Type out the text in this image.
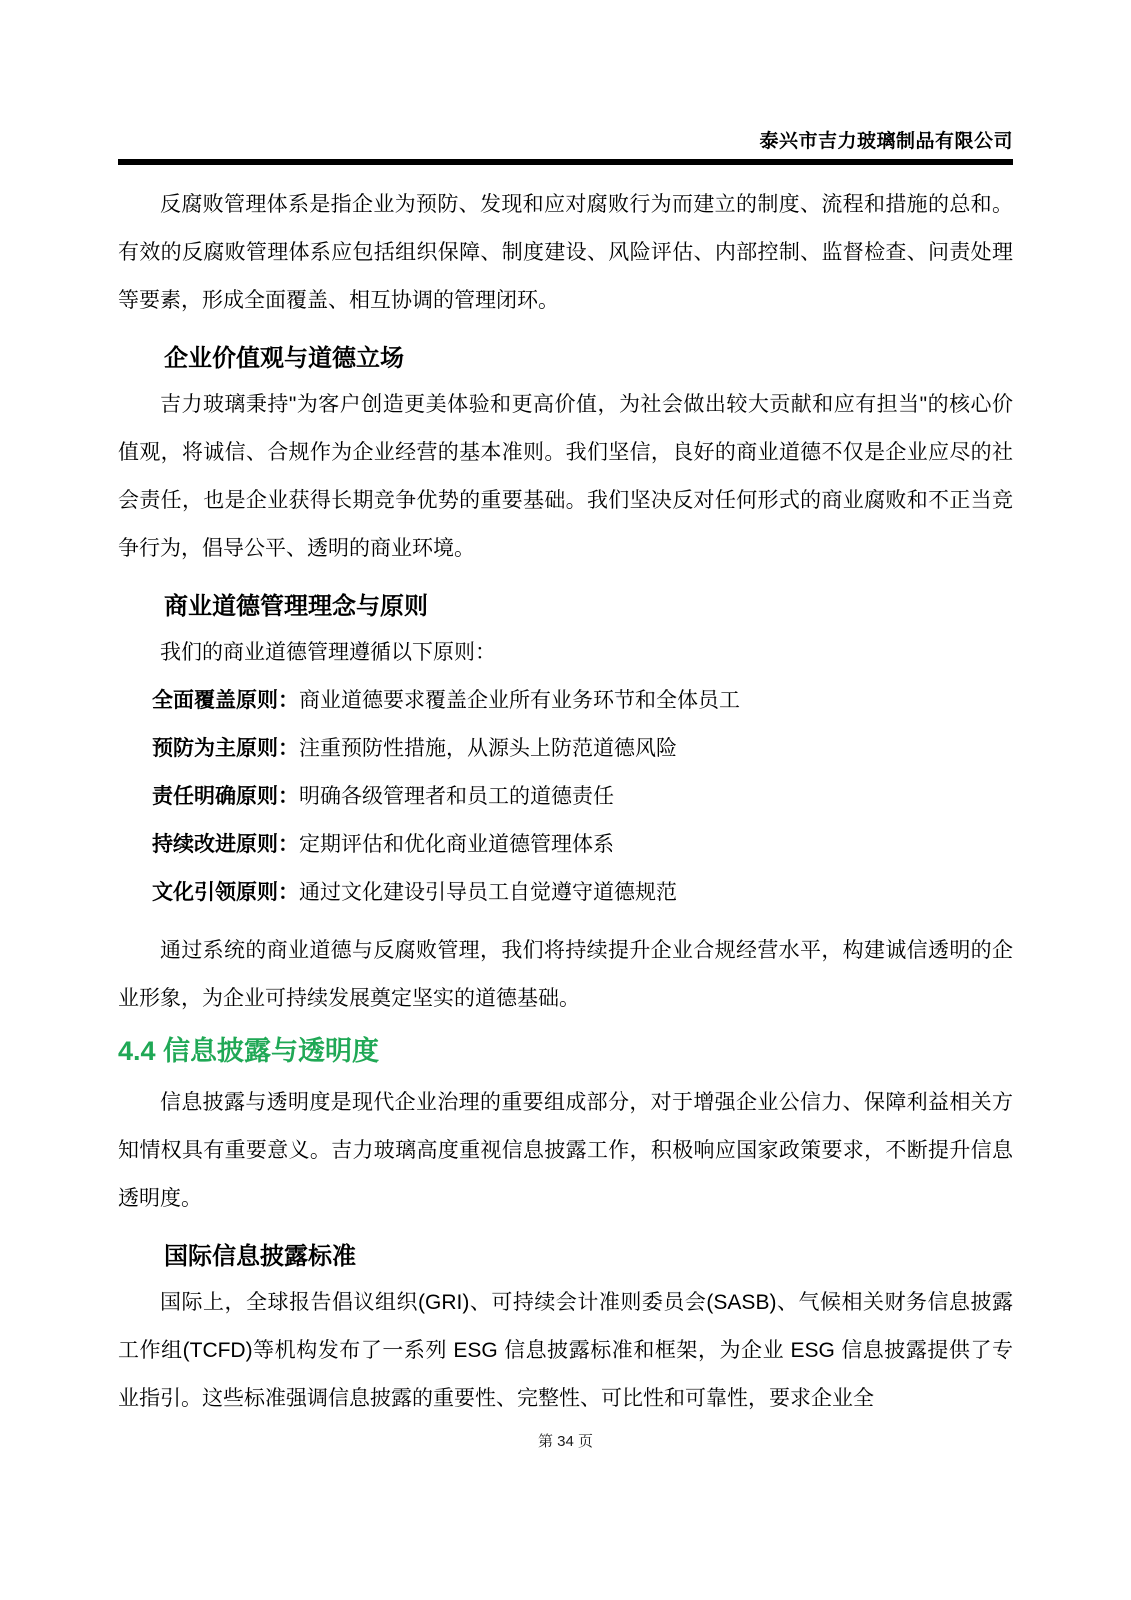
泰兴市吉力玻璃制品有限公司

反腐败管理体系是指企业为预防、发现和应对腐败行为而建立的制度、流程和措施的总和。有效的反腐败管理体系应包括组织保障、制度建设、风险评估、内部控制、监督检查、问责处理等要素，形成全面覆盖、相互协调的管理闭环。

企业价值观与道德立场

吉力玻璃秉持"为客户创造更美体验和更高价值，为社会做出较大贡献和应有担当"的核心价值观，将诚信、合规作为企业经营的基本准则。我们坚信，良好的商业道德不仅是企业应尽的社会责任，也是企业获得长期竞争优势的重要基础。我们坚决反对任何形式的商业腐败和不正当竞争行为，倡导公平、透明的商业环境。

商业道德管理理念与原则

我们的商业道德管理遵循以下原则：

全面覆盖原则：商业道德要求覆盖企业所有业务环节和全体员工

预防为主原则：注重预防性措施，从源头上防范道德风险

责任明确原则：明确各级管理者和员工的道德责任

持续改进原则：定期评估和优化商业道德管理体系

文化引领原则：通过文化建设引导员工自觉遵守道德规范

通过系统的商业道德与反腐败管理，我们将持续提升企业合规经营水平，构建诚信透明的企业形象，为企业可持续发展奠定坚实的道德基础。

4.4 信息披露与透明度

信息披露与透明度是现代企业治理的重要组成部分，对于增强企业公信力、保障利益相关方知情权具有重要意义。吉力玻璃高度重视信息披露工作，积极响应国家政策要求，不断提升信息透明度。

国际信息披露标准

国际上，全球报告倡议组织(GRI)、可持续会计准则委员会(SASB)、气候相关财务信息披露工作组(TCFD)等机构发布了一系列 ESG 信息披露标准和框架，为企业 ESG 信息披露提供了专业指引。这些标准强调信息披露的重要性、完整性、可比性和可靠性，要求企业全

第 34 页
